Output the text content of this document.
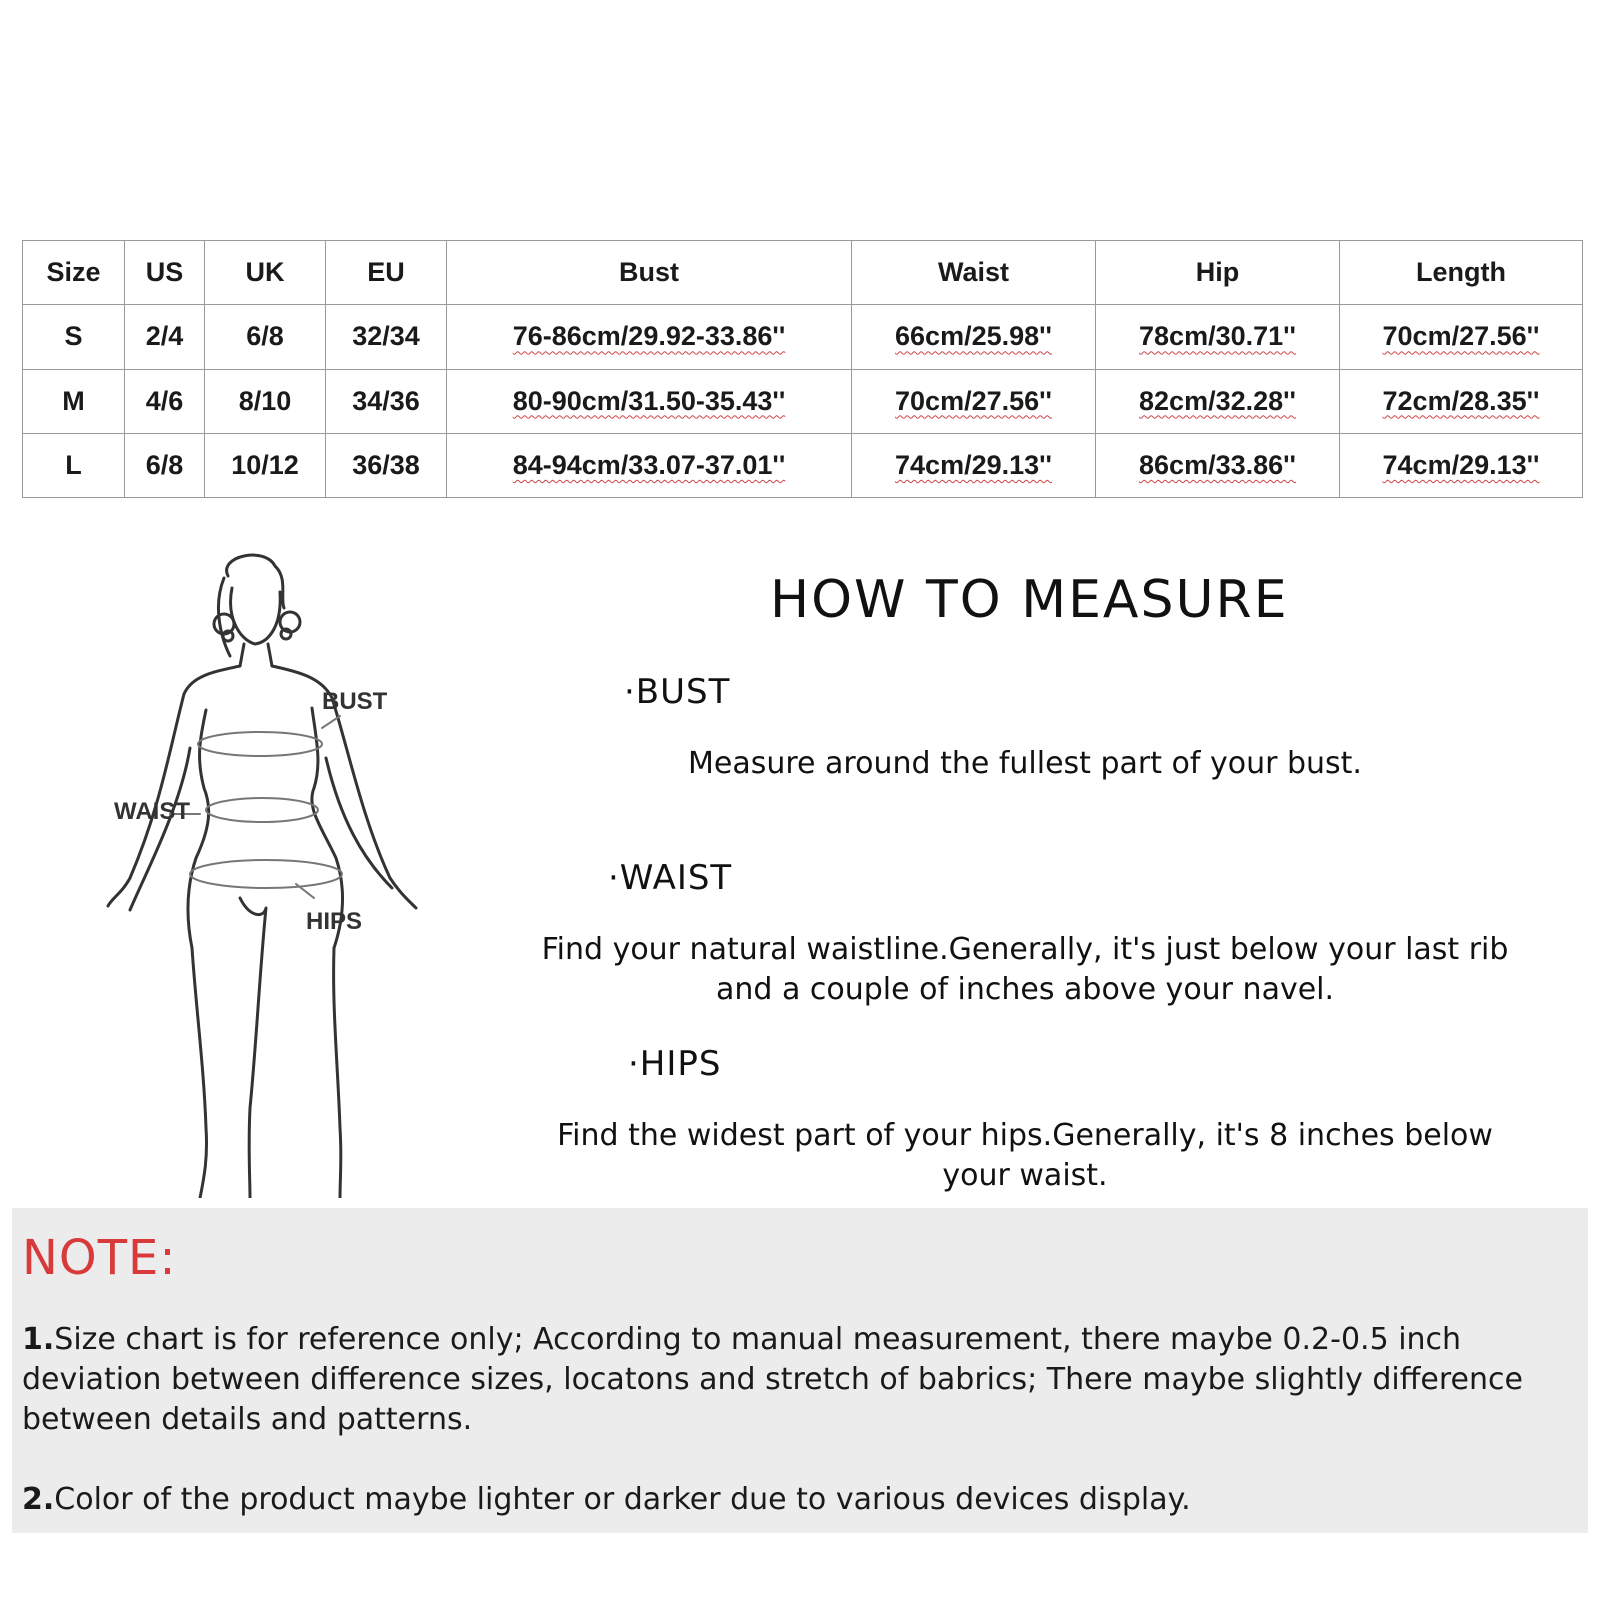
Size	US	UK	EU	Bust	Waist	Hip	Length
S	2/4	6/8	32/34	76-86cm/29.92-33.86''	66cm/25.98''	78cm/30.71''	70cm/27.56''
M	4/6	8/10	34/36	80-90cm/31.50-35.43''	70cm/27.56''	82cm/32.28''	72cm/28.35''
L	6/8	10/12	36/38	84-94cm/33.07-37.01''	74cm/29.13''	86cm/33.86''	74cm/29.13''
BUST
WAIST
HIPS
HOW TO MEASURE
·BUST
Measure around the fullest part of your bust.
·WAIST
Find your natural waistline.Generally, it's just below your last rib
and a couple of inches above your navel.
·HIPS
Find the widest part of your hips.Generally, it's 8 inches below
your waist.
NOTE:
1.Size chart is for reference only; According to manual measurement, there maybe 0.2-0.5 inch
deviation between difference sizes, locatons and stretch of babrics; There maybe slightly difference
between details and patterns.
2.Color of the product maybe lighter or darker due to various devices display.
